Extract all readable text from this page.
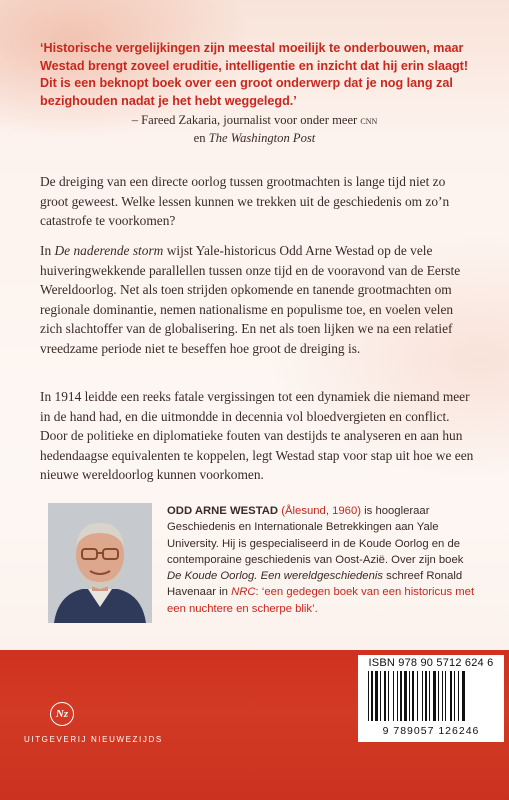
‘Historische vergelijkingen zijn meestal moeilijk te onderbouwen, maar Westad brengt zoveel eruditie, intelligentie en inzicht dat hij erin slaagt! Dit is een beknopt boek over een groot onderwerp dat je nog lang zal bezighouden nadat je het hebt weggelegd.’

– Fareed Zakaria, journalist voor onder meer cnn
en The Washington Post

De dreiging van een directe oorlog tussen grootmachten is lange tijd niet zo groot geweest. Welke lessen kunnen we trekken uit de geschiedenis om zo’n catastrofe te voorkomen?

In De naderende storm wijst Yale-historicus Odd Arne Westad op de vele huiveringwekkende parallellen tussen onze tijd en de vooravond van de Eerste Wereldoorlog. Net als toen strijden opkomende en tanende grootmachten om regionale dominantie, nemen nationalisme en populisme toe, en voelen velen zich slachtoffer van de globalisering. En net als toen lijken we na een relatief vreedzame periode niet te beseffen hoe groot de dreiging is.

In 1914 leidde een reeks fatale vergissingen tot een dynamiek die niemand meer in de hand had, en die uitmondde in decennia vol bloedvergieten en conflict. Door de politieke en diplomatieke fouten van destijds te analyseren en aan hun hedendaagse equivalenten te koppelen, legt Westad stap voor stap uit hoe we een nieuwe wereldoorlog kunnen voorkomen.

ODD ARNE WESTAD (Ålesund, 1960) is hoogleraar Geschiedenis en Internationale Betrekkingen aan Yale University. Hij is gespecialiseerd in de Koude Oorlog en de contemporaine geschiedenis van Oost-Azië. Over zijn boek De Koude Oorlog. Een wereldgeschiedenis schreef Ronald Havenaar in NRC: ‘een gedegen boek van een historicus met een nuchtere en scherpe blik’.

Nz
UITGEVERIJ NIEUWEZIJDS
ISBN 978 90 5712 624 6
9 789057 126246
